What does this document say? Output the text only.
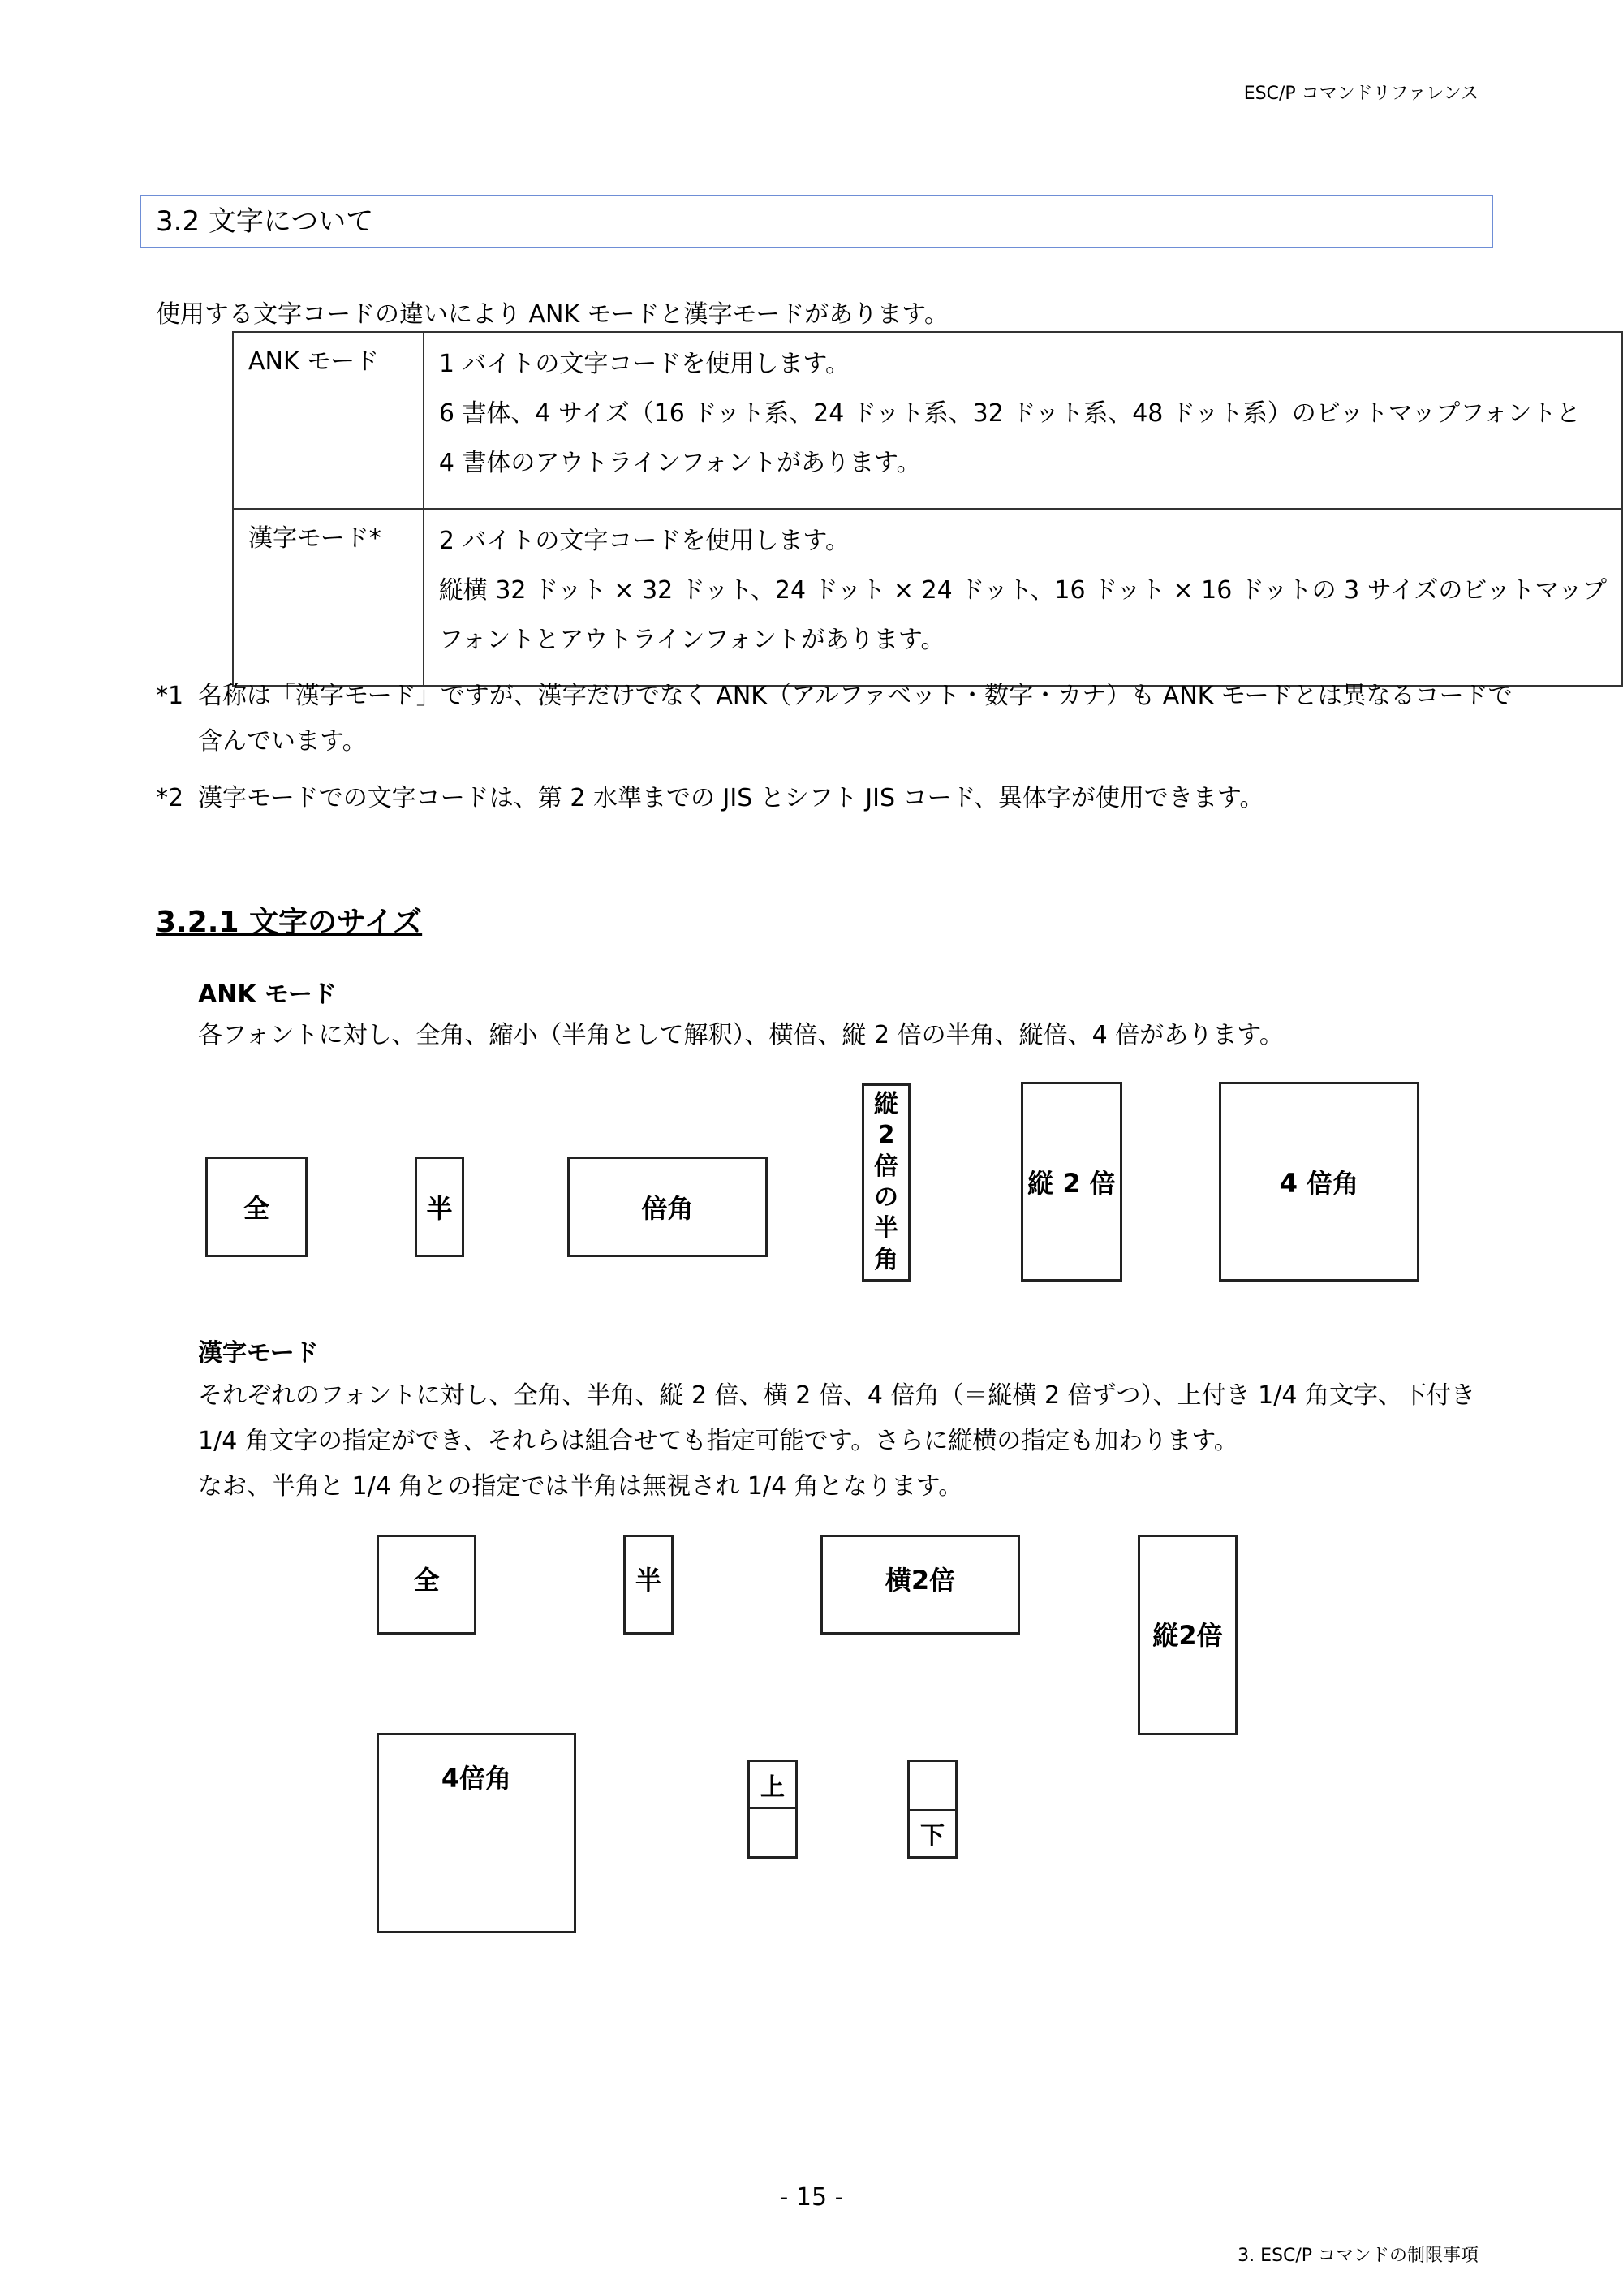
ESC/P コマンドリファレンス
3.2 文字について
使用する文字コードの違いにより ANK モードと漢字モードがあります。
ANK モード	1 バイトの文字コードを使用します。

6 書体、4 サイズ（16 ドット系、24 ドット系、32 ドット系、48 ドット系）のビットマップフォントと

4 書体のアウトラインフォントがあります。

漢字モード*	2 バイトの文字コードを使用します。

縦横 32 ドット × 32 ドット、24 ドット × 24 ドット、16 ドット × 16 ドットの 3 サイズのビットマップ

フォントとアウトラインフォントがあります。

*1 名称は「漢字モード」ですが、漢字だけでなく ANK（アルファベット・数字・カナ）も ANK モードとは異なるコードで
含んでいます。
*2 漢字モードでの文字コードは、第 2 水準までの JIS とシフト JIS コード、異体字が使用できます。
3.2.1 文字のサイズ
ANK モード
各フォントに対し、全角、縮小（半角として解釈）、横倍、縦 2 倍の半角、縦倍、4 倍があります。
全	半	倍角
縦
2
倍
の
半
角
縦 2 倍	4 倍角
漢字モード
それぞれのフォントに対し、全角、半角、縦 2 倍、横 2 倍、4 倍角（＝縦横 2 倍ずつ）、上付き 1/4 角文字、下付き
1/4 角文字の指定ができ、それらは組合せても指定可能です。さらに縦横の指定も加わります。
なお、半角と 1/4 角との指定では半角は無視され 1/4 角となります。
全	半	横2倍
縦2倍
4倍角	上
下
- 15 -
3. ESC/P コマンドの制限事項
